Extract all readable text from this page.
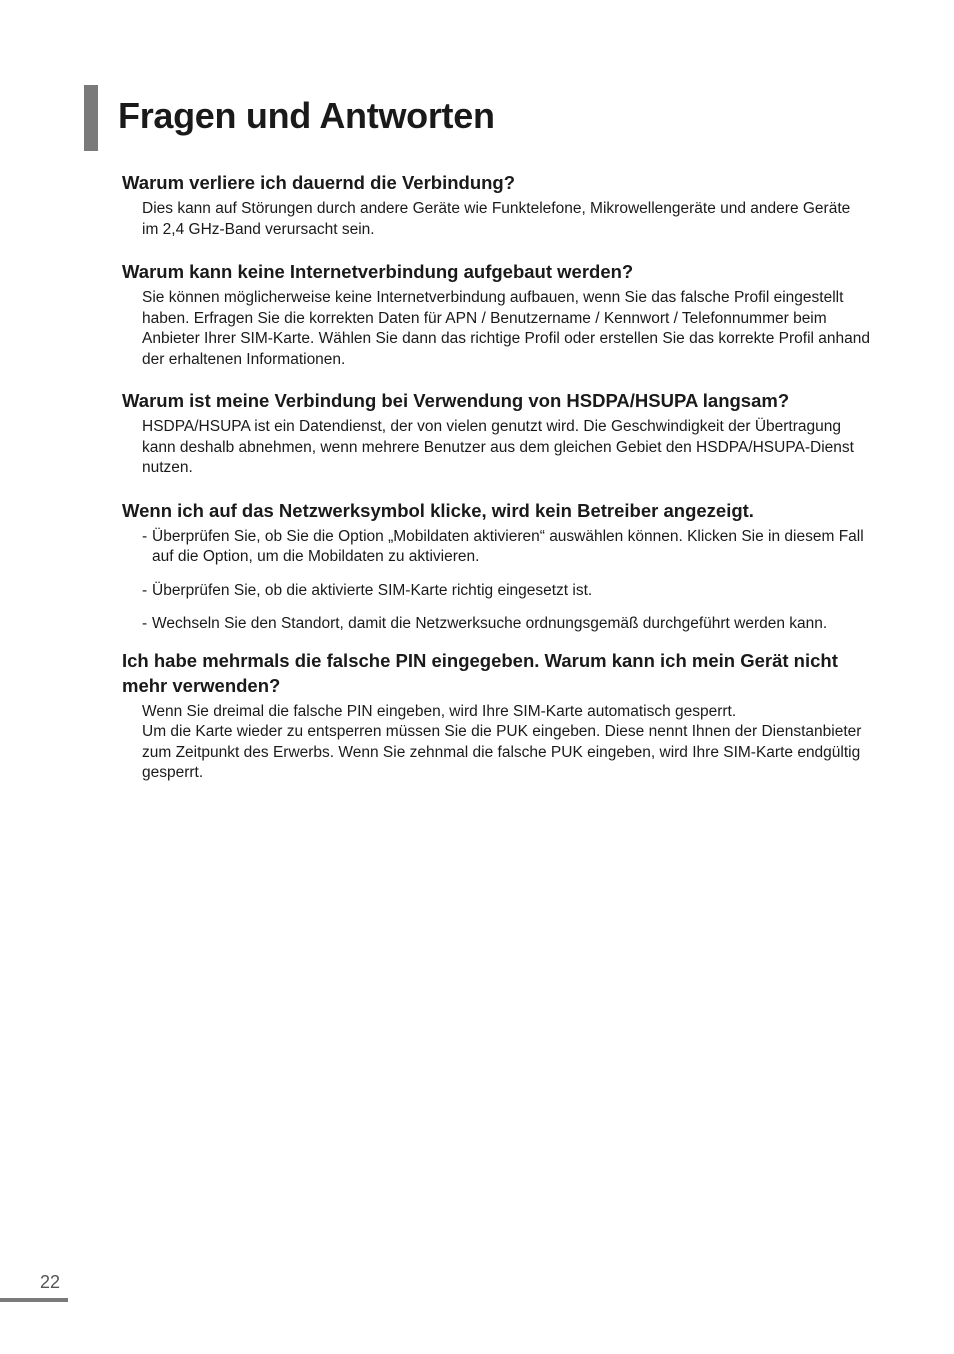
Fragen und Antworten
Warum verliere ich dauernd die Verbindung?

Dies kann auf Störungen durch andere Geräte wie Funktelefone, Mikrowellengeräte und andere Geräte im 2,4 GHz-Band verursacht sein.

Warum kann keine Internetverbindung aufgebaut werden?

Sie können möglicherweise keine Internetverbindung aufbauen, wenn Sie das falsche Profil eingestellt haben. Erfragen Sie die korrekten Daten für APN / Benutzername / Kennwort / Telefonnummer beim Anbieter Ihrer SIM-Karte. Wählen Sie dann das richtige Profil oder erstellen Sie das korrekte Profil anhand der erhaltenen Informationen.

Warum ist meine Verbindung bei Verwendung von HSDPA/HSUPA langsam?

HSDPA/HSUPA ist ein Datendienst, der von vielen genutzt wird. Die Geschwindigkeit der Übertragung kann deshalb abnehmen, wenn mehrere Benutzer aus dem gleichen Gebiet den HSDPA/HSUPA-Dienst nutzen.

Wenn ich auf das Netzwerksymbol klicke, wird kein Betreiber angezeigt.
- Überprüfen Sie, ob Sie die Option „Mobildaten aktivieren“ auswählen können. Klicken Sie in diesem Fall auf die Option, um die Mobildaten zu aktivieren.
- Überprüfen Sie, ob die aktivierte SIM-Karte richtig eingesetzt ist.
- Wechseln Sie den Standort, damit die Netzwerksuche ordnungsgemäß durchgeführt werden kann.
Ich habe mehrmals die falsche PIN eingegeben. Warum kann ich mein Gerät nicht mehr verwenden?

Wenn Sie dreimal die falsche PIN eingeben, wird Ihre SIM-Karte automatisch gesperrt.

Um die Karte wieder zu entsperren müssen Sie die PUK eingeben. Diese nennt Ihnen der Dienstanbieter zum Zeitpunkt des Erwerbs. Wenn Sie zehnmal die falsche PUK eingeben, wird Ihre SIM-Karte endgültig gesperrt.

22
